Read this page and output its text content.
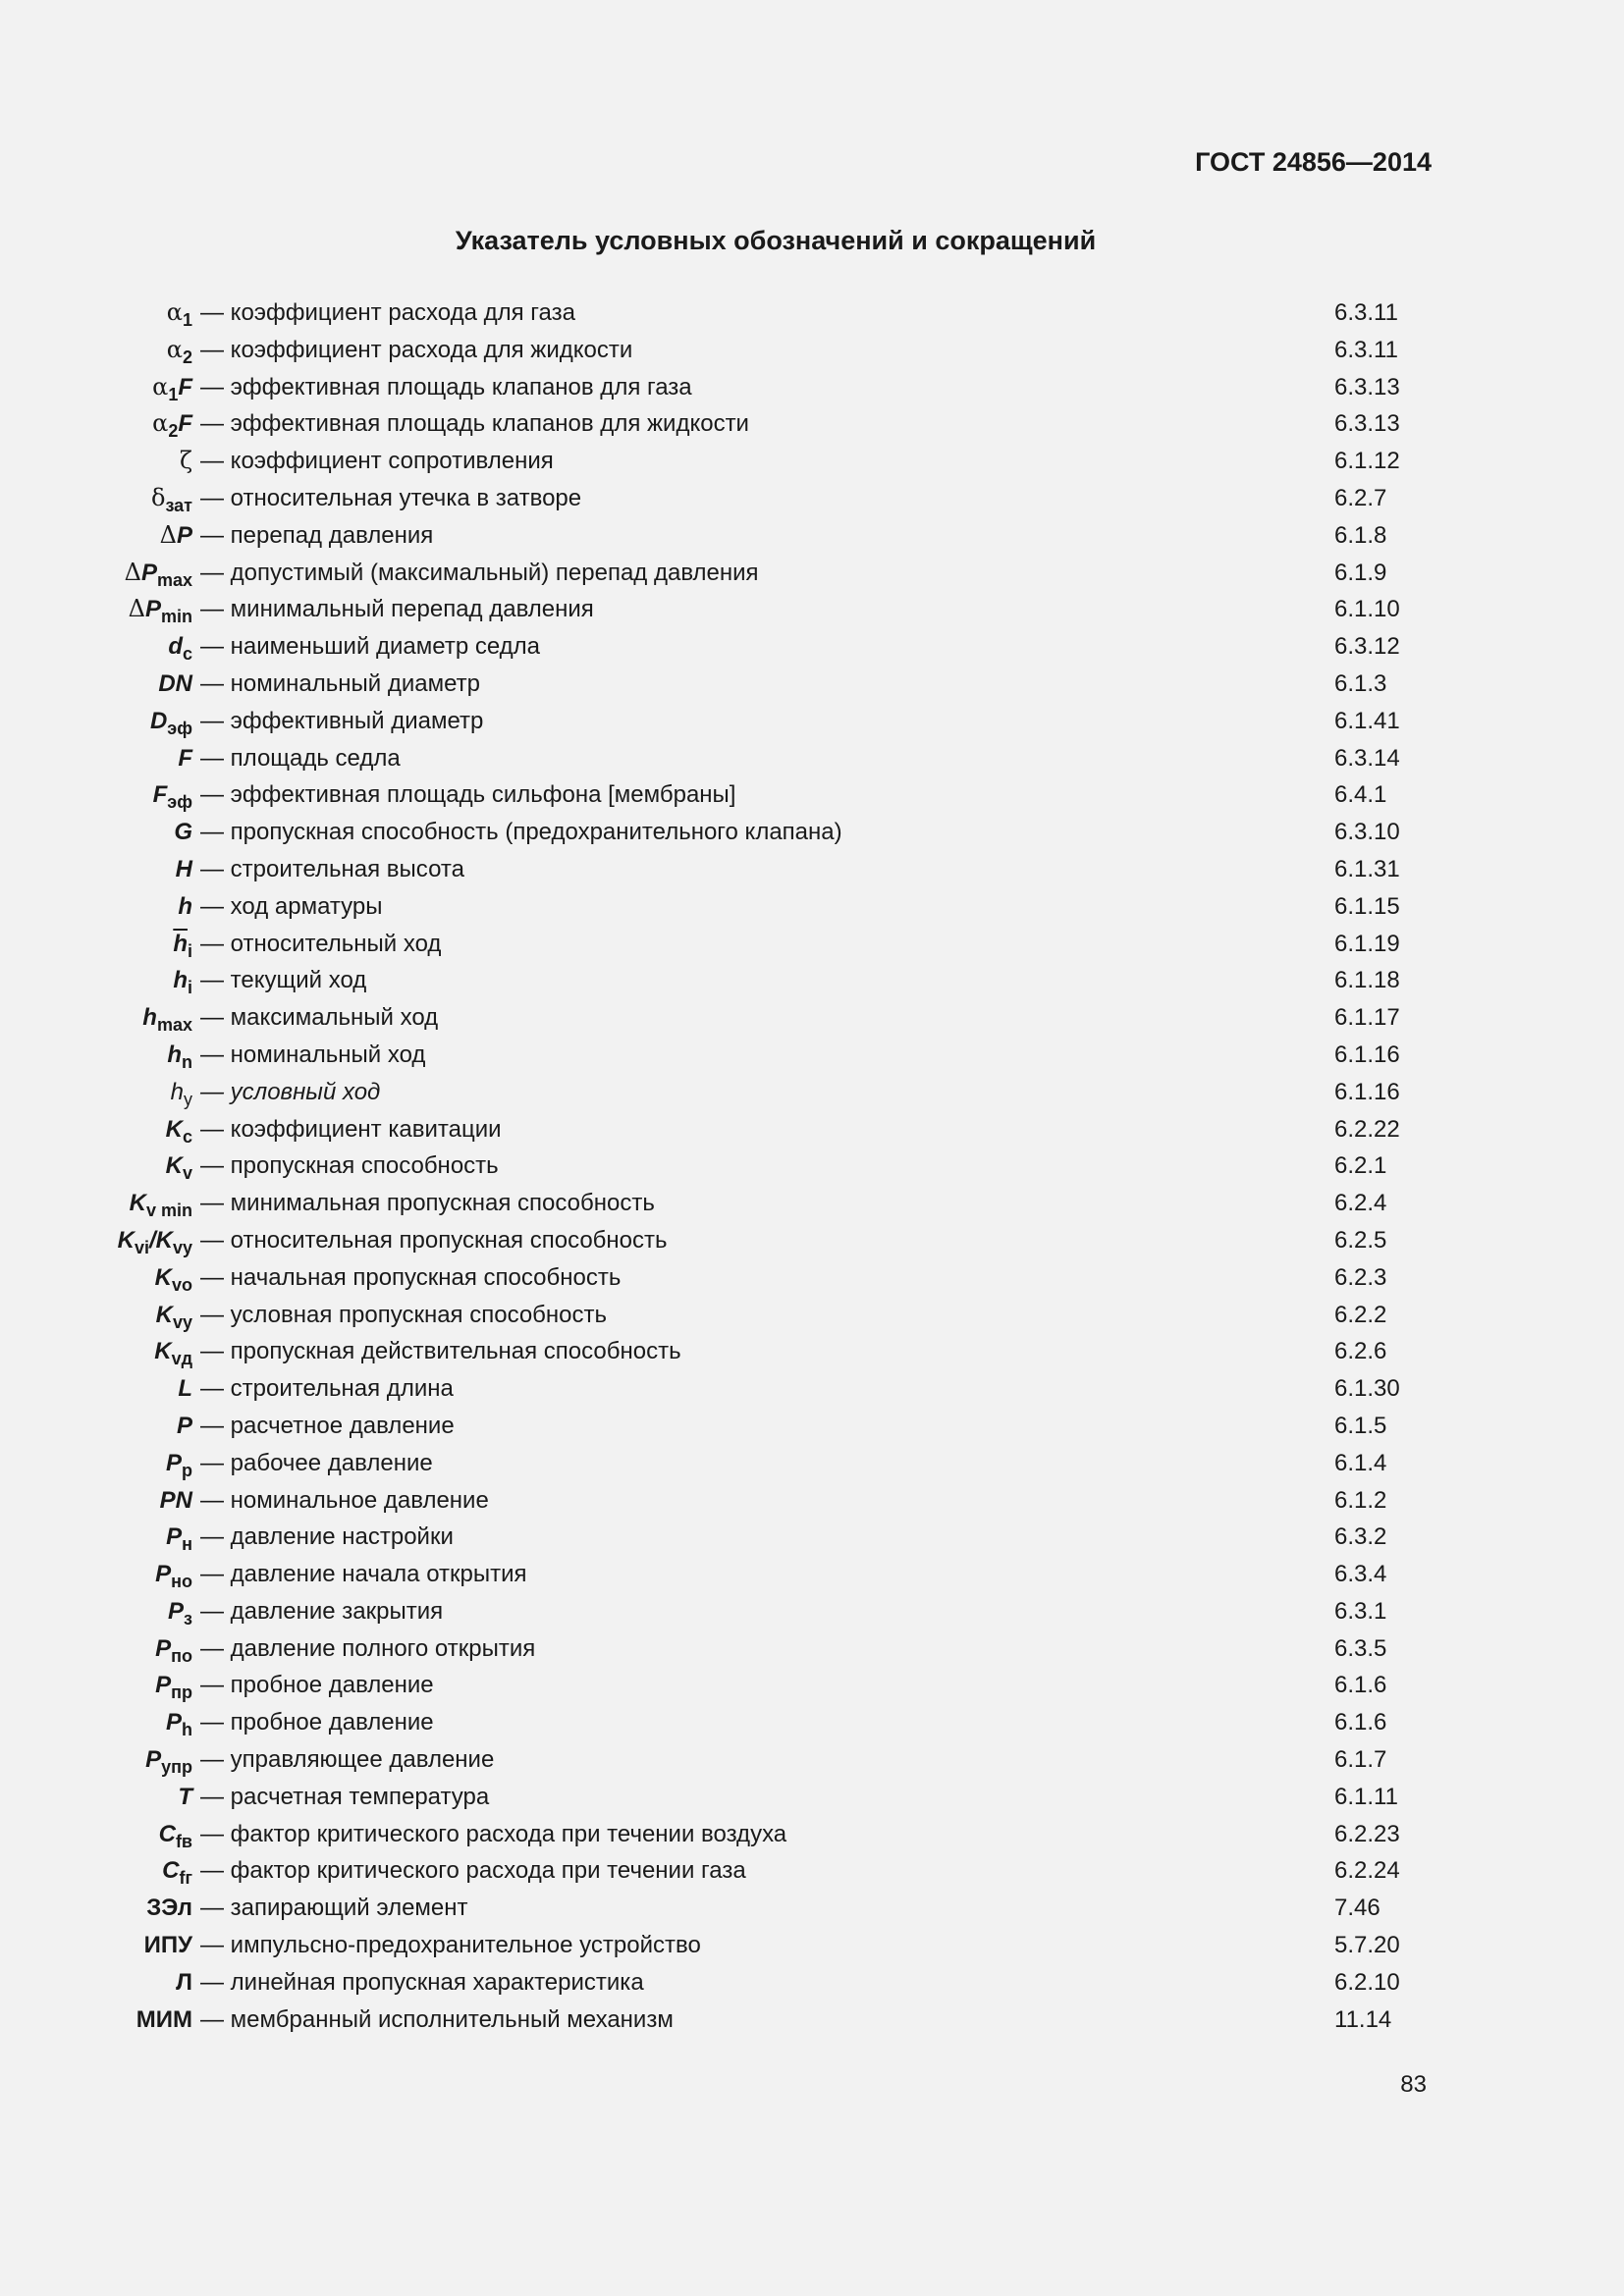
ГОСТ 24856—2014

Указатель условных обозначений и сокращений
$\alpha_1$ — коэффициент расхода для газа	6.3.11
$\alpha_2$ — коэффициент расхода для жидкости	6.3.11
$\alpha_1F$ — эффективная площадь клапанов для газа	6.3.13
$\alpha_2F$ — эффективная площадь клапанов для жидкости	6.3.13
ζ — коэффициент сопротивления	6.1.12
$\delta_{зат}$ — относительная утечка в затворе	6.2.7
ΔP — перепад давления	6.1.8
$\Delta P_{max}$ — допустимый (максимальный) перепад давления	6.1.9
$\Delta P_{min}$ — минимальный перепад давления	6.1.10
$d_c$ — наименьший диаметр седла	6.3.12
DN — номинальный диаметр	6.1.3
$D_{эф}$ — эффективный диаметр	6.1.41
F — площадь седла	6.3.14
$F_{эф}$ — эффективная площадь сильфона [мембраны]	6.4.1
G — пропускная способность (предохранительного клапана)	6.3.10
H — строительная высота	6.1.31
h — ход арматуры	6.1.15
$\overline{h}_i$ — относительный ход	6.1.19
$h_i$ — текущий ход	6.1.18
$h_{max}$ — максимальный ход	6.1.17
$h_n$ — номинальный ход	6.1.16
$h_y$ — условный ход	6.1.16
$K_c$ — коэффициент кавитации	6.2.22
$K_v$ — пропускная способность	6.2.1
$K_{v min}$ — минимальная пропускная способность	6.2.4
$K_{vi}/K_{vy}$ — относительная пропускная способность	6.2.5
$K_{vo}$ — начальная пропускная способность	6.2.3
$K_{vy}$ — условная пропускная способность	6.2.2
$K_{vд}$ — пропускная действительная способность	6.2.6
L — строительная длина	6.1.30
P — расчетное давление	6.1.5
$P_p$ — рабочее давление	6.1.4
PN — номинальное давление	6.1.2
$P_н$ — давление настройки	6.3.2
$P_{но}$ — давление начала открытия	6.3.4
$P_з$ — давление закрытия	6.3.1
$P_{по}$ — давление полного открытия	6.3.5
$P_{пр}$ — пробное давление	6.1.6
$P_h$ — пробное давление	6.1.6
$P_{упр}$ — управляющее давление	6.1.7
T — расчетная температура	6.1.11
$C_{fв}$ — фактор критического расхода при течении воздуха	6.2.23
$C_{fг}$ — фактор критического расхода при течении газа	6.2.24
ЗЭл — запирающий элемент	7.46
ИПУ — импульсно-предохранительное устройство	5.7.20
Л — линейная пропускная характеристика	6.2.10
МИМ — мембранный исполнительный механизм	11.14

83
